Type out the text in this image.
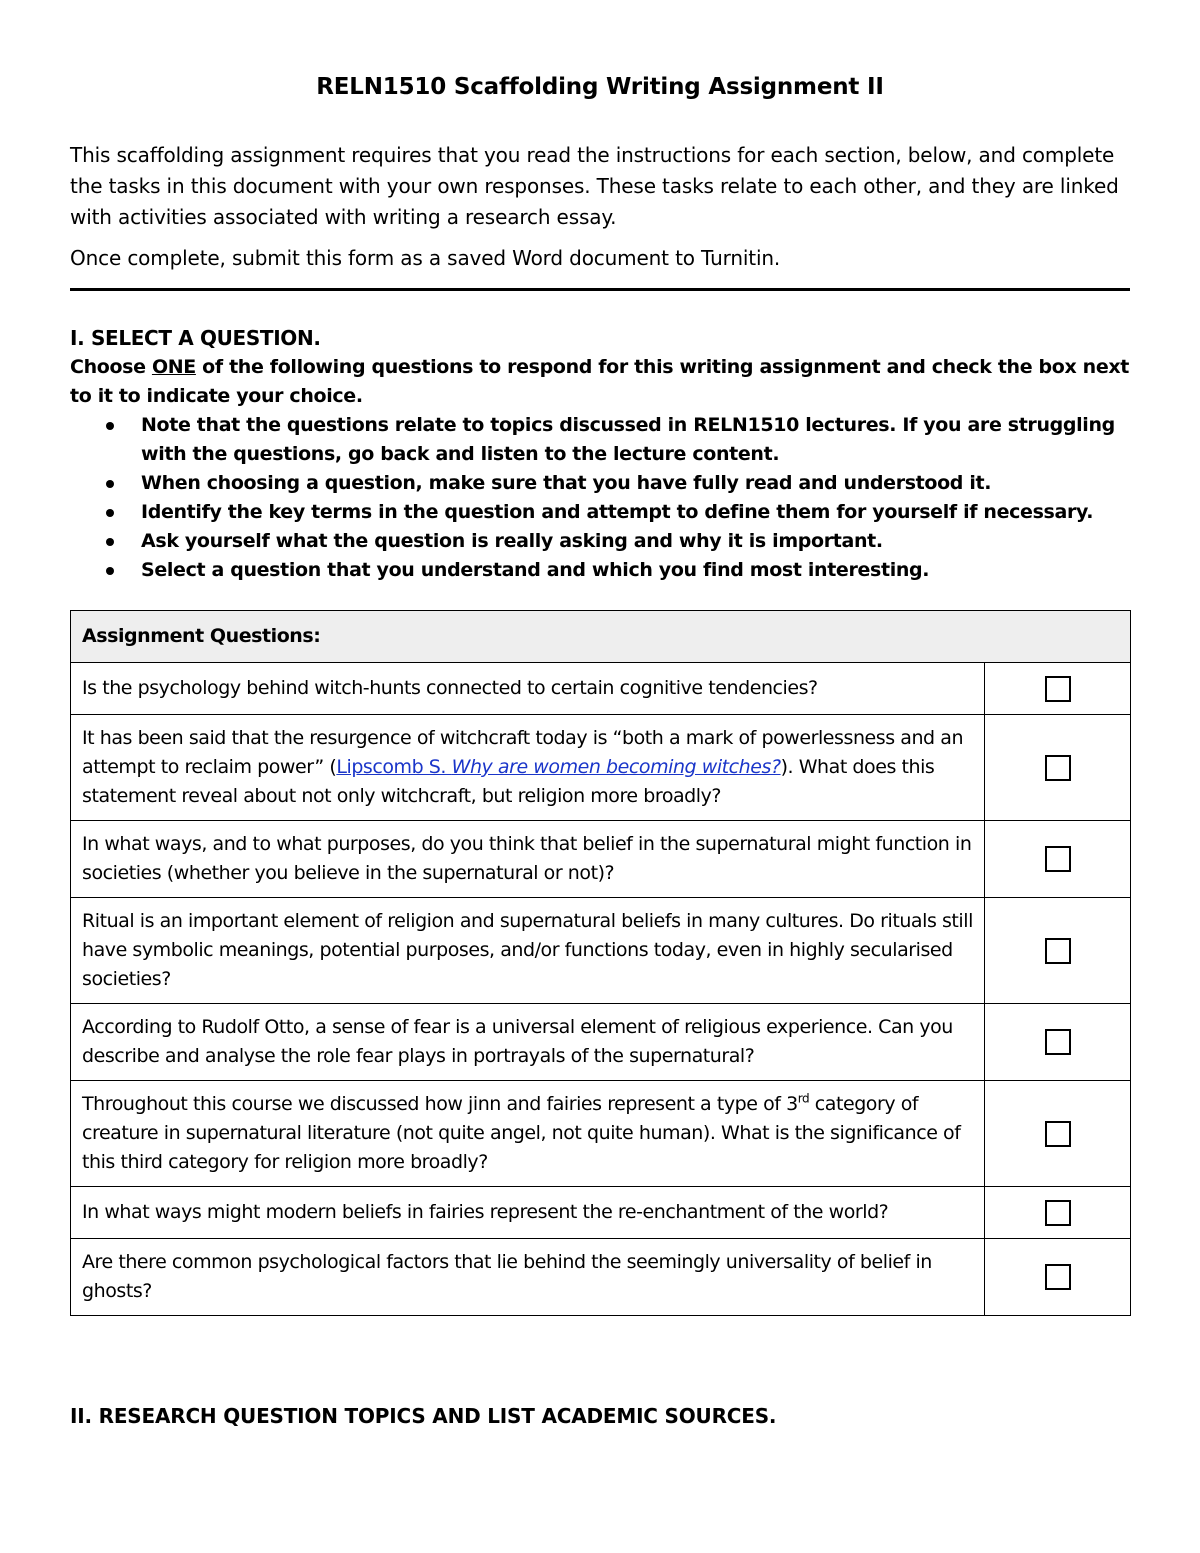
RELN1510 Scaffolding Writing Assignment II

This scaffolding assignment requires that you read the instructions for each section, below, and complete the tasks in this document with your own responses. These tasks relate to each other, and they are linked with activities associated with writing a research essay.

Once complete, submit this form as a saved Word document to Turnitin.

I. SELECT A QUESTION.
Choose ONE of the following questions to respond for this writing assignment and check the box next to it to indicate your choice.
Note that the questions relate to topics discussed in RELN1510 lectures. If you are struggling with the questions, go back and listen to the lecture content.
When choosing a question, make sure that you have fully read and understood it.
Identify the key terms in the question and attempt to define them for yourself if necessary.
Ask yourself what the question is really asking and why it is important.
Select a question that you understand and which you find most interesting.
Assignment Questions:	
Is the psychology behind witch-hunts connected to certain cognitive tendencies?	
It has been said that the resurgence of witchcraft today is “both a mark of powerlessness and an attempt to reclaim power” (Lipscomb S. Why are women becoming witches?). What does this statement reveal about not only witchcraft, but religion more broadly?	
In what ways, and to what purposes, do you think that belief in the supernatural might function in societies (whether you believe in the supernatural or not)?	
Ritual is an important element of religion and supernatural beliefs in many cultures. Do rituals still have symbolic meanings, potential purposes, and/or functions today, even in highly secularised societies?	
According to Rudolf Otto, a sense of fear is a universal element of religious experience. Can you describe and analyse the role fear plays in portrayals of the supernatural?	
Throughout this course we discussed how jinn and fairies represent a type of 3rd category of creature in supernatural literature (not quite angel, not quite human). What is the significance of this third category for religion more broadly?	
In what ways might modern beliefs in fairies represent the re-enchantment of the world?	
Are there common psychological factors that lie behind the seemingly universality of belief in ghosts?	
II. RESEARCH QUESTION TOPICS AND LIST ACADEMIC SOURCES.
